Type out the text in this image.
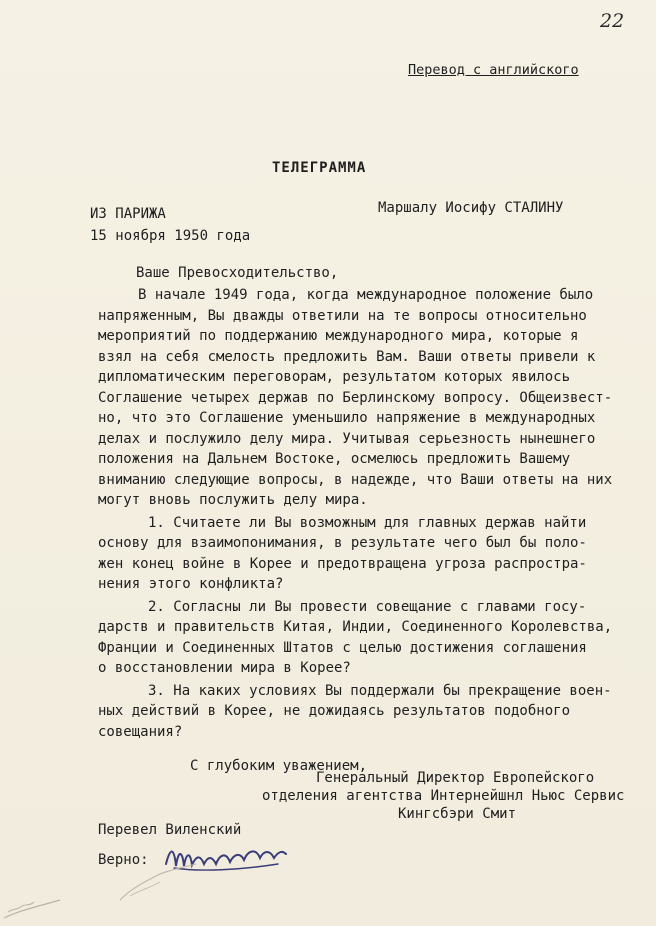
22
Перевод с английского
ТЕЛЕГРАММА
ИЗ ПАРИЖА
15 ноября 1950 года
Маршалу Иосифу СТАЛИНУ
Ваше Превосходительство,
В начале 1949 года, когда международное положение было
напряженным, Вы дважды ответили на те вопросы относительно
мероприятий по поддержанию международного мира, которые я
взял на себя смелость предложить Вам. Ваши ответы привели к
дипломатическим переговорам, результатом которых явилось
Соглашение четырех держав по Берлинскому вопросу. Общеизвест-
но, что это Соглашение уменьшило напряжение в международных
делах и послужило делу мира. Учитывая серьезность нынешнего
положения на Дальнем Востоке, осмелюсь предложить Вашему
вниманию следующие вопросы, в надежде, что Ваши ответы на них
могут вновь послужить делу мира.
1. Считаете ли Вы возможным для главных держав найти
основу для взаимопонимания, в результате чего был бы поло-
жен конец войне в Корее и предотвращена угроза распростра-
нения этого конфликта?
2. Согласны ли Вы провести совещание с главами госу-
дарств и правительств Китая, Индии, Соединенного Королевства,
Франции и Соединенных Штатов с целью достижения соглашения
о восстановлении мира в Корее?
3. На каких условиях Вы поддержали бы прекращение воен-
ных действий в Корее, не дожидаясь результатов подобного
совещания?
С глубоким уважением,
Генеральный Директор Европейского
отделения агентства Интернейшнл Ньюс Сервис
Кингсбэри Смит
Перевел Виленский
Верно:
